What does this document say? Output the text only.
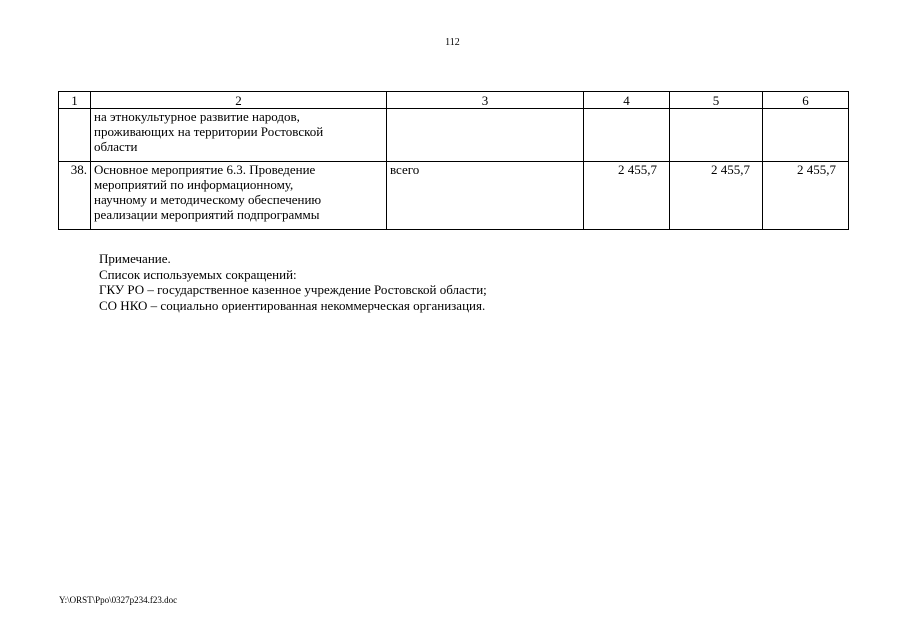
112
1	2	3	4	5	6

	на этнокультурное развитие народов,
проживающих на территории Ростовской
области				

38.	Основное мероприятие 6.3. Проведение
мероприятий по информационному,
научному и методическому обеспечению
реализации мероприятий подпрограммы	всего	2 455,7	2 455,7	2 455,7
Примечание.
Список используемых сокращений:
ГКУ РО – государственное казенное учреждение Ростовской области;
СО НКО – социально ориентированная некоммерческая организация.
Y:\ORST\Ppo\0327p234.f23.doc
